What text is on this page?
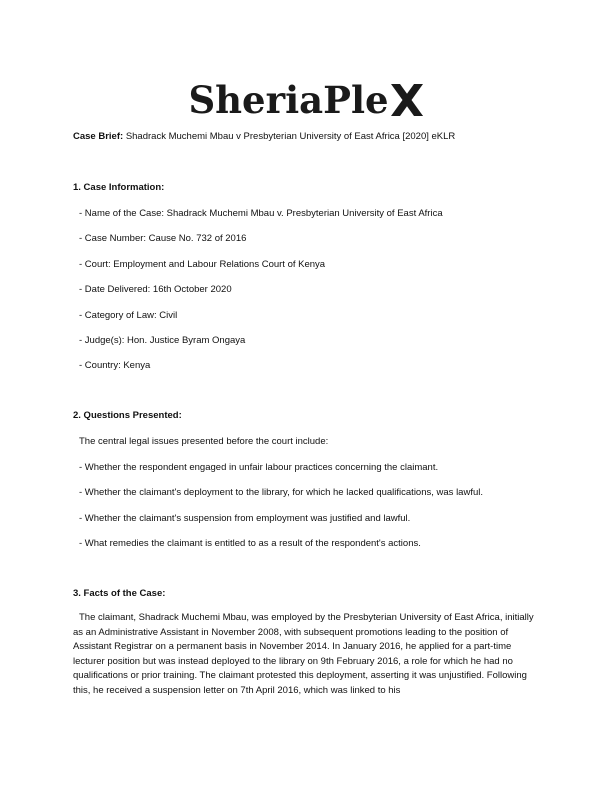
SheriaPle
Case Brief: Shadrack Muchemi Mbau v Presbyterian University of East Africa [2020] eKLR
1. Case Information:
- Name of the Case: Shadrack Muchemi Mbau v. Presbyterian University of East Africa
- Case Number: Cause No. 732 of 2016
- Court: Employment and Labour Relations Court of Kenya
- Date Delivered: 16th October 2020
- Category of Law: Civil
- Judge(s): Hon. Justice Byram Ongaya
- Country: Kenya
2. Questions Presented:
The central legal issues presented before the court include:
- Whether the respondent engaged in unfair labour practices concerning the claimant.
- Whether the claimant's deployment to the library, for which he lacked qualifications, was lawful.
- Whether the claimant's suspension from employment was justified and lawful.
- What remedies the claimant is entitled to as a result of the respondent's actions.
3. Facts of the Case:
The claimant, Shadrack Muchemi Mbau, was employed by the Presbyterian University of East Africa, initially as an Administrative Assistant in November 2008, with subsequent promotions leading to the position of Assistant Registrar on a permanent basis in November 2014. In January 2016, he applied for a part-time lecturer position but was instead deployed to the library on 9th February 2016, a role for which he had no qualifications or prior training. The claimant protested this deployment, asserting it was unjustified. Following this, he received a suspension letter on 7th April 2016, which was linked to his
